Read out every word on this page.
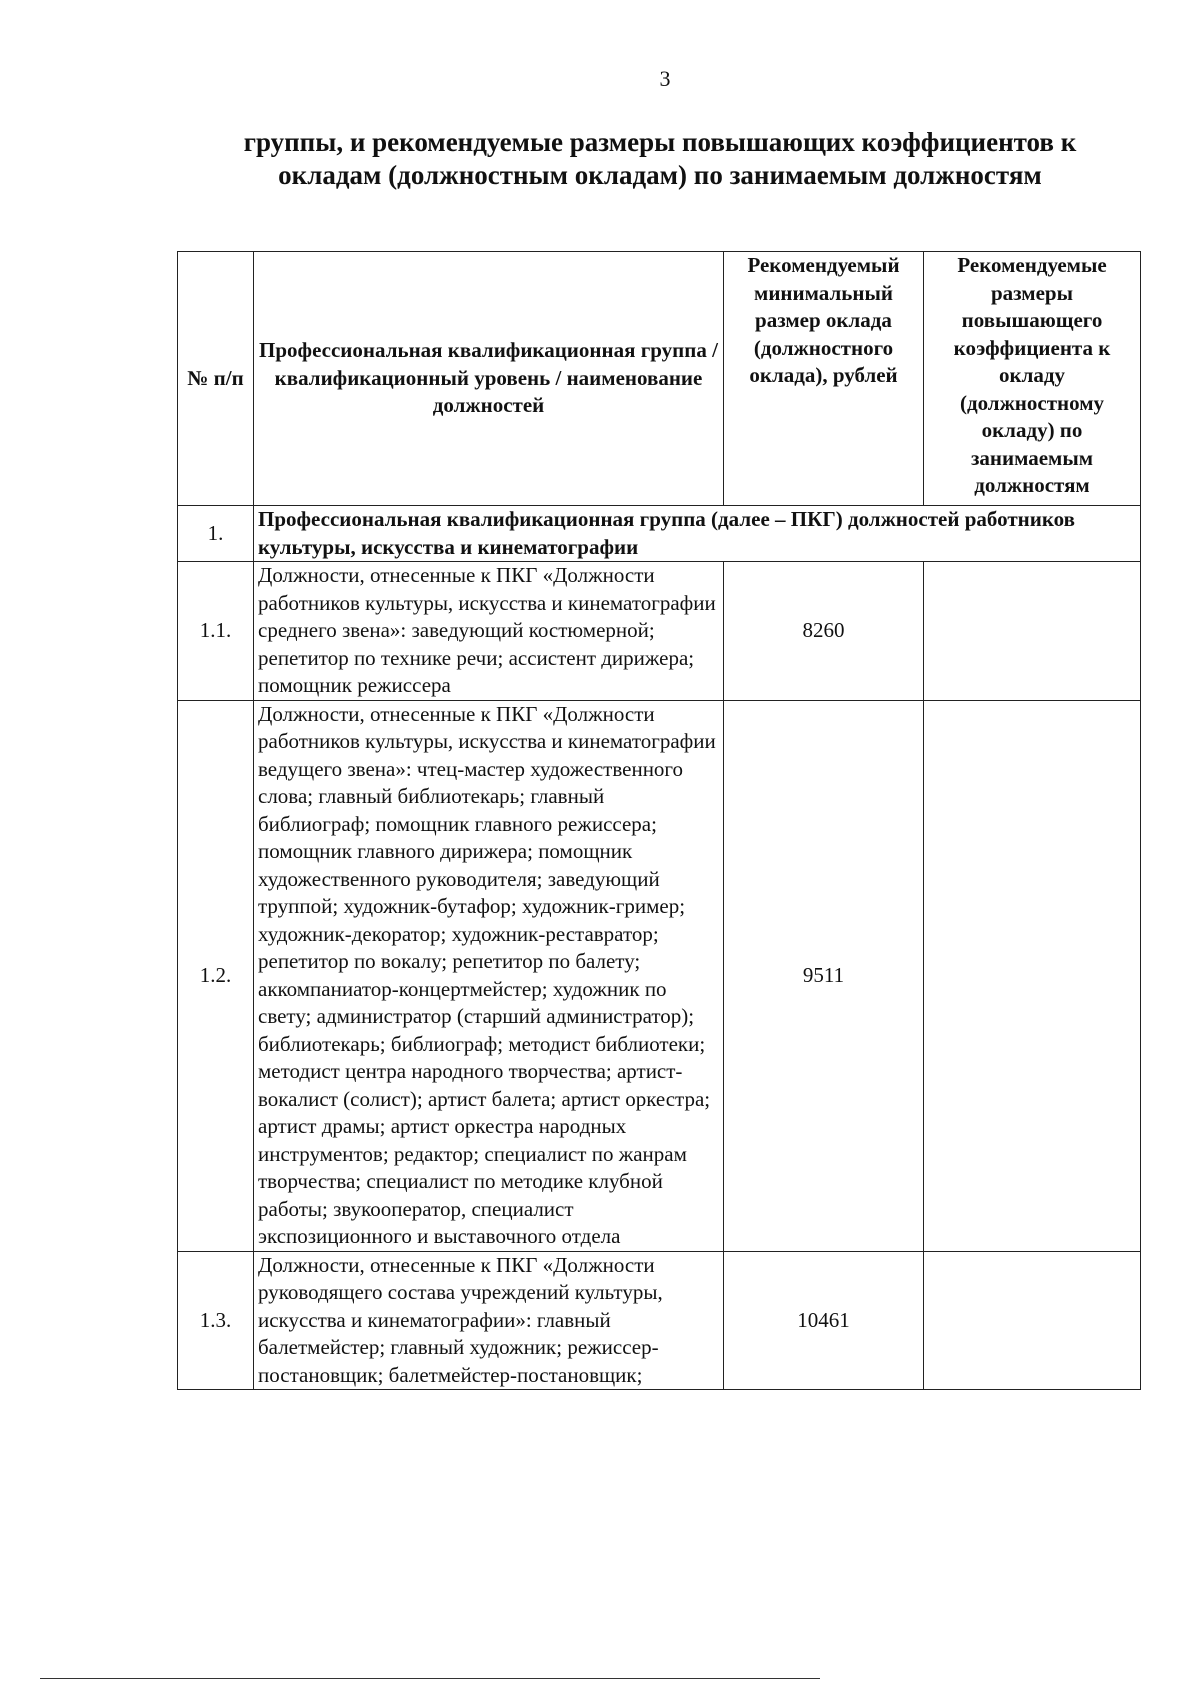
3
группы, и рекомендуемые размеры повышающих коэффициентов к
окладам (должностным окладам) по занимаемым должностям
№ п/п	Профессиональная квалификационная группа / квалификационный уровень / наименование должностей	Рекомендуемый минимальный размер оклада (должностного оклада), рублей	Рекомендуемые размеры повышающего коэффициента к окладу (должностному окладу) по занимаемым должностям
1.	Профессиональная квалификационная группа (далее – ПКГ) должностей работников культуры, искусства и кинематографии		
1.1.	Должности, отнесенные к ПКГ «Должности работников культуры, искусства и кинематографии среднего звена»: заведующий костюмерной; репетитор по технике речи; ассистент дирижера; помощник режиссера	8260	
1.2.	Должности, отнесенные к ПКГ «Должности работников культуры, искусства и кинематографии ведущего звена»: чтец-мастер художественного слова; главный библиотекарь; главный библиограф; помощник главного режиссера; помощник главного дирижера; помощник художественного руководителя; заведующий труппой; художник-бутафор; художник-гример; художник-декоратор; художник-реставратор; репетитор по вокалу; репетитор по балету; аккомпаниатор-концертмейстер; художник по свету; администратор (старший администратор); библиотекарь; библиограф; методист библиотеки; методист центра народного творчества; артист-вокалист (солист); артист балета; артист оркестра; артист драмы; артист оркестра народных инструментов; редактор; специалист по жанрам творчества; специалист по методике клубной работы; звукооператор, специалист экспозиционного и выставочного отдела	9511	
1.3.	Должности, отнесенные к ПКГ «Должности руководящего состава учреждений культуры, искусства и кинематографии»: главный балетмейстер; главный художник; режиссер-постановщик; балетмейстер-постановщик;	10461	
